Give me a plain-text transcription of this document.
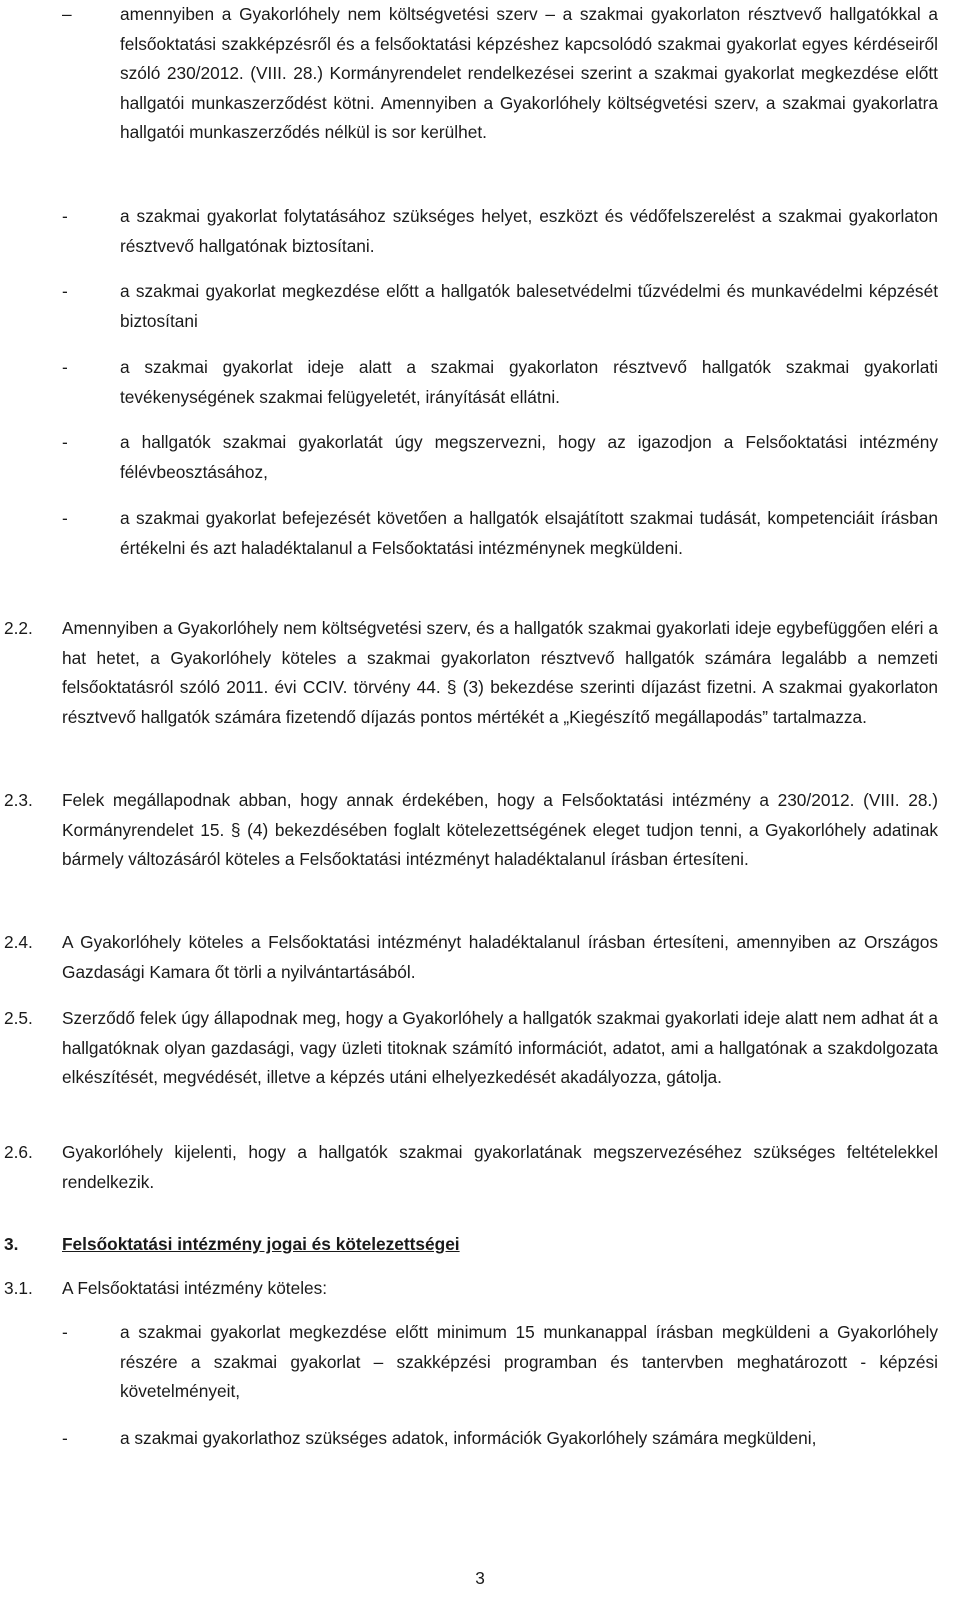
–	amennyiben a Gyakorlóhely nem költségvetési szerv – a szakmai gyakorlaton résztvevő hallgatókkal a felsőoktatási szakképzésről és a felsőoktatási képzéshez kapcsolódó szakmai gyakorlat egyes kérdéseiről szóló 230/2012. (VIII. 28.) Kormányrendelet rendelkezései szerint a szakmai gyakorlat megkezdése előtt hallgatói munkaszerződést kötni. Amennyiben a Gyakorlóhely költségvetési szerv, a szakmai gyakorlatra hallgatói munkaszerződés nélkül is sor kerülhet.
-	a szakmai gyakorlat folytatásához szükséges helyet, eszközt és védőfelszerelést a szakmai gyakorlaton résztvevő hallgatónak biztosítani.
-	a szakmai gyakorlat megkezdése előtt a hallgatók balesetvédelmi tűzvédelmi és munkavédelmi képzését biztosítani
-	a szakmai gyakorlat ideje alatt a szakmai gyakorlaton résztvevő hallgatók szakmai gyakorlati tevékenységének szakmai felügyeletét, irányítását ellátni.
-	a hallgatók szakmai gyakorlatát úgy megszervezni, hogy az igazodjon a Felsőoktatási intézmény félévbeosztásához,
-	a szakmai gyakorlat befejezését követően a hallgatók elsajátított szakmai tudását, kompetenciáit írásban értékelni és azt haladéktalanul a Felsőoktatási intézménynek megküldeni.
2.2. Amennyiben a Gyakorlóhely nem költségvetési szerv, és a hallgatók szakmai gyakorlati ideje egybefüggően eléri a hat hetet, a Gyakorlóhely köteles a szakmai gyakorlaton résztvevő hallgatók számára legalább a nemzeti felsőoktatásról szóló 2011. évi CCIV. törvény 44. § (3) bekezdése szerinti díjazást fizetni. A szakmai gyakorlaton résztvevő hallgatók számára fizetendő díjazás pontos mértékét a „Kiegészítő megállapodás” tartalmazza.
2.3. Felek megállapodnak abban, hogy annak érdekében, hogy a Felsőoktatási intézmény a 230/2012. (VIII. 28.) Kormányrendelet 15. § (4) bekezdésében foglalt kötelezettségének eleget tudjon tenni, a Gyakorlóhely adatinak bármely változásáról köteles a Felsőoktatási intézményt haladéktalanul írásban értesíteni.
2.4. A Gyakorlóhely köteles a Felsőoktatási intézményt haladéktalanul írásban értesíteni, amennyiben az Országos Gazdasági Kamara őt törli a nyilvántartásából.
2.5. Szerződő felek úgy állapodnak meg, hogy a Gyakorlóhely a hallgatók szakmai gyakorlati ideje alatt nem adhat át a hallgatóknak olyan gazdasági, vagy üzleti titoknak számító információt, adatot, ami a hallgatónak a szakdolgozata elkészítését, megvédését, illetve a képzés utáni elhelyezkedését akadályozza, gátolja.
2.6. Gyakorlóhely kijelenti, hogy a hallgatók szakmai gyakorlatának megszervezéséhez szükséges feltételekkel rendelkezik.
3.	Felsőoktatási intézmény jogai és kötelezettségei
3.1. A Felsőoktatási intézmény köteles:
-	a szakmai gyakorlat megkezdése előtt minimum 15 munkanappal írásban megküldeni a Gyakorlóhely részére a szakmai gyakorlat – szakképzési programban és tantervben meghatározott - képzési követelményeit,
-	a szakmai gyakorlathoz szükséges adatok, információk Gyakorlóhely számára megküldeni,
3
